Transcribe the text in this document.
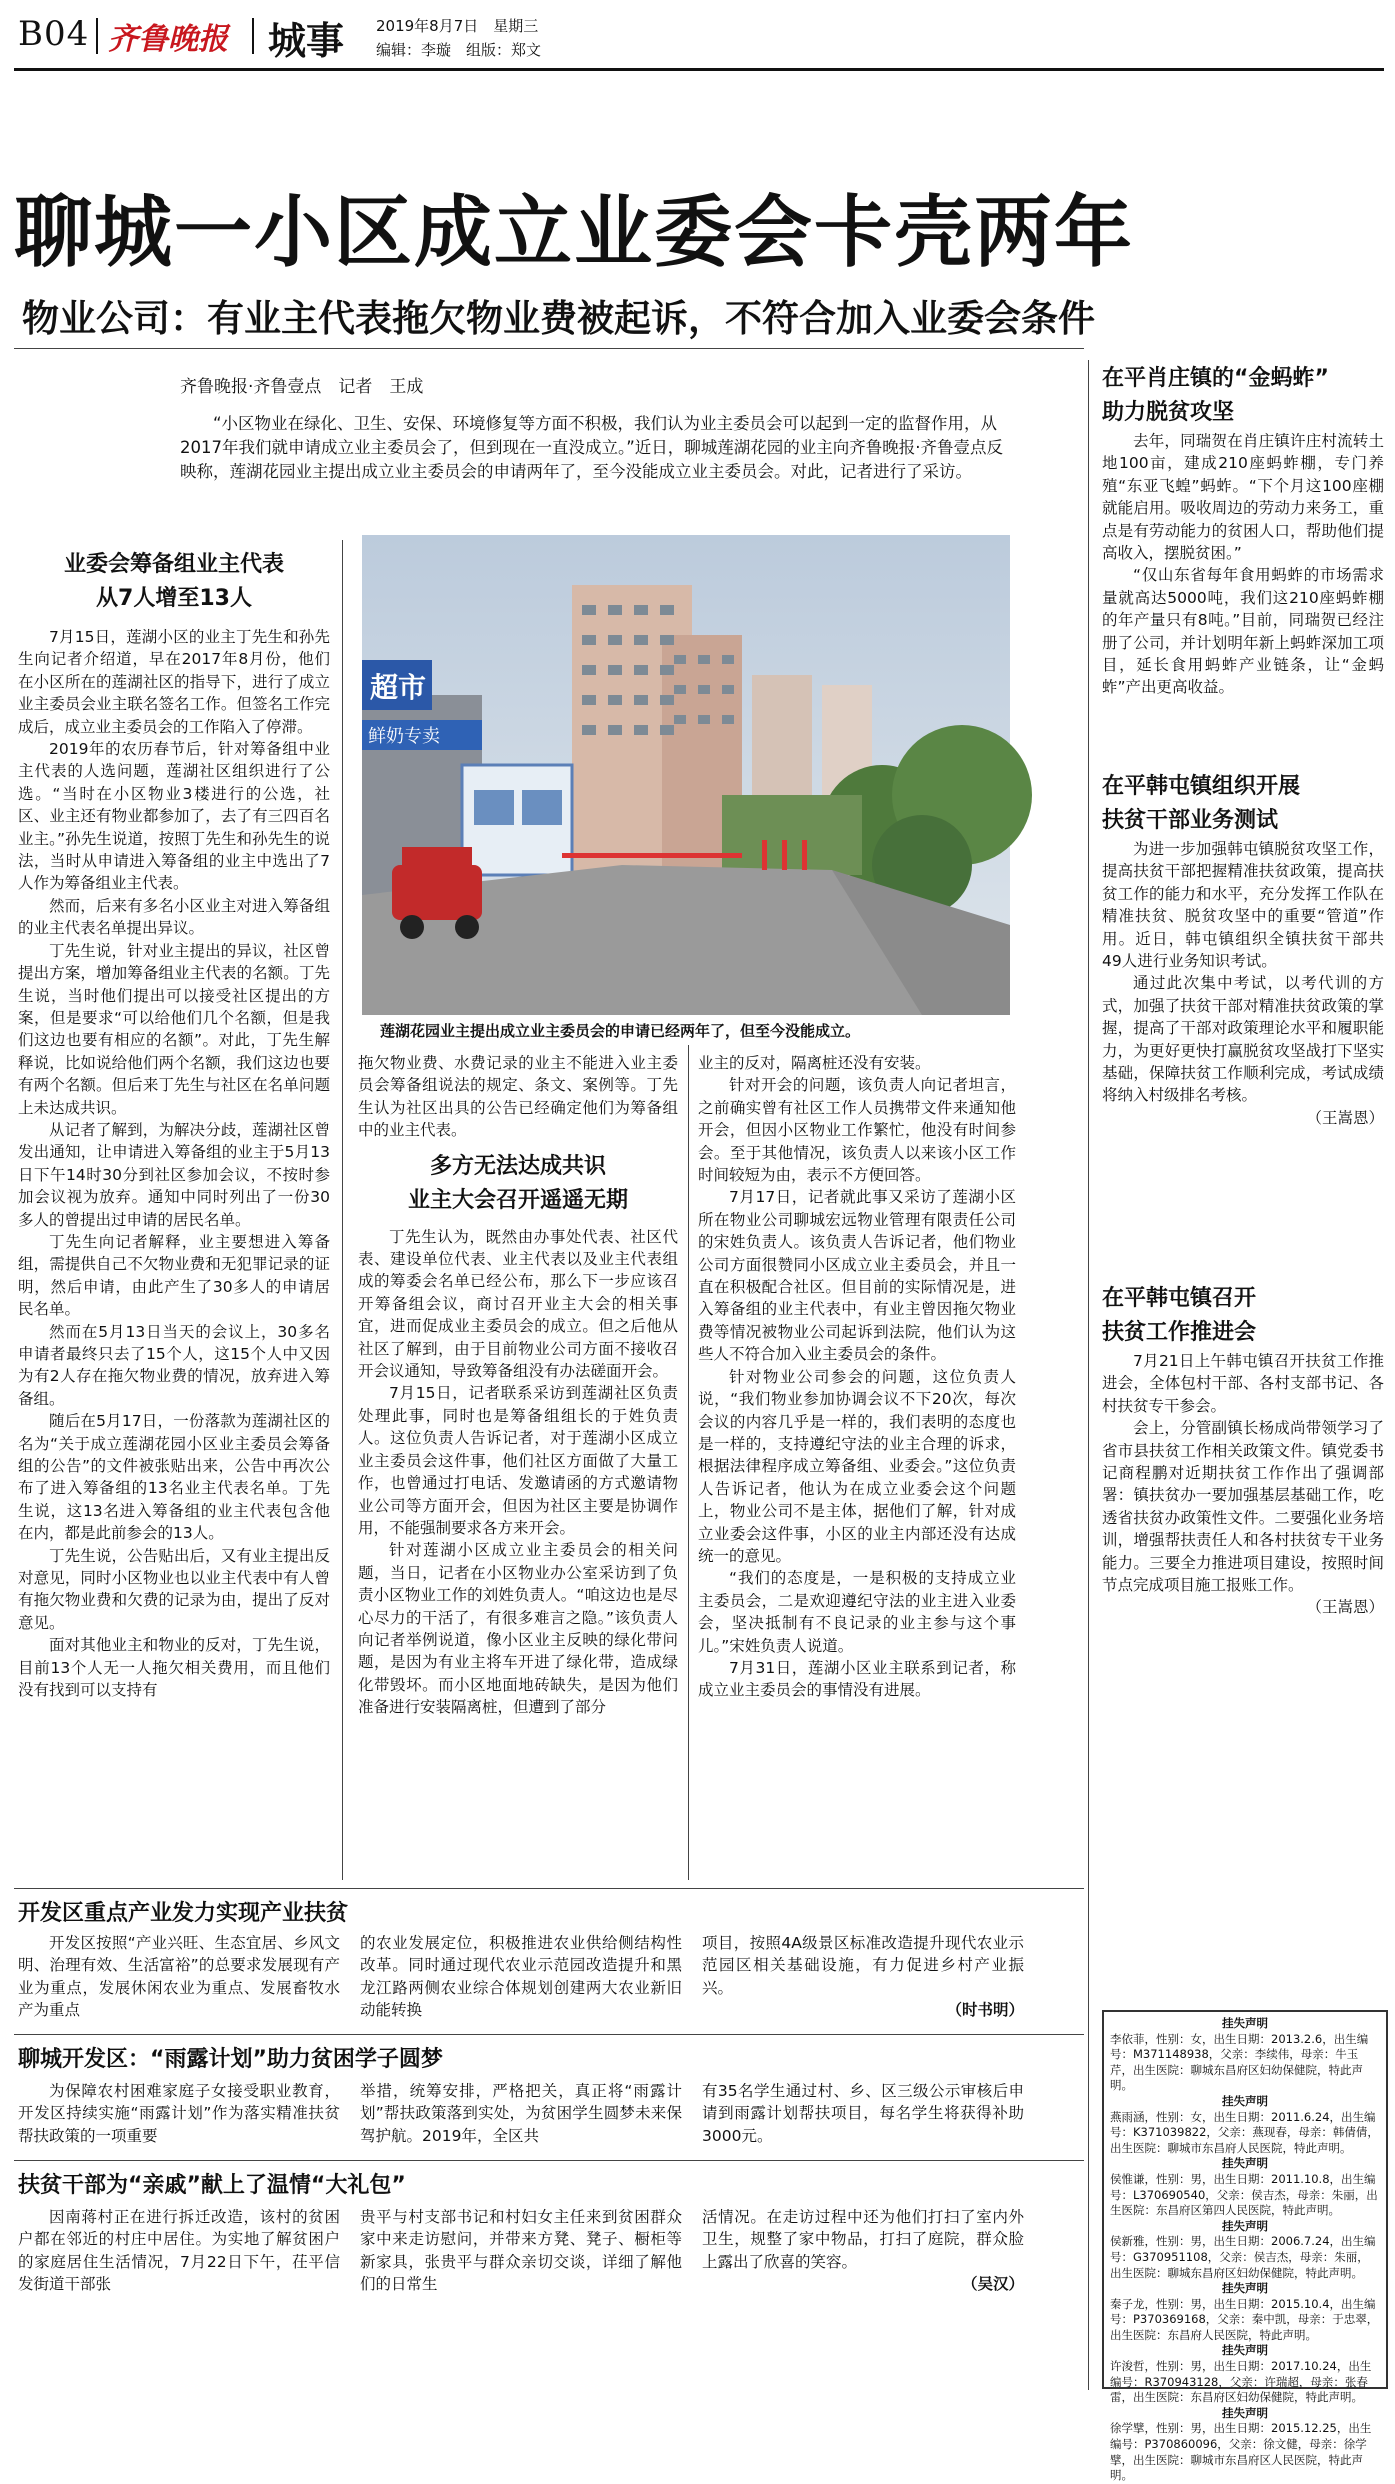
B04 齐鲁晚报 城事 2019年8月7日　星期三
编辑：李璇　组版：郑文
聊城一小区成立业委会卡壳两年
物业公司：有业主代表拖欠物业费被起诉，不符合加入业委会条件
齐鲁晚报·齐鲁壹点　记者　王成
“小区物业在绿化、卫生、安保、环境修复等方面不积极，我们认为业主委员会可以起到一定的监督作用，从2017年我们就申请成立业主委员会了，但到现在一直没成立。”近日，聊城莲湖花园的业主向齐鲁晚报·齐鲁壹点反映称，莲湖花园业主提出成立业主委员会的申请两年了，至今没能成立业主委员会。对此，记者进行了采访。
业委会筹备组业主代表
从7人增至13人

7月15日，莲湖小区的业主丁先生和孙先生向记者介绍道，早在2017年8月份，他们在小区所在的莲湖社区的指导下，进行了成立业主委员会业主联名签名工作。但签名工作完成后，成立业主委员会的工作陷入了停滞。

2019年的农历春节后，针对筹备组中业主代表的人选问题，莲湖社区组织进行了公选。“当时在小区物业3楼进行的公选，社区、业主还有物业都参加了，去了有三四百名业主。”孙先生说道，按照丁先生和孙先生的说法，当时从申请进入筹备组的业主中选出了7人作为筹备组业主代表。

然而，后来有多名小区业主对进入筹备组的业主代表名单提出异议。

丁先生说，针对业主提出的异议，社区曾提出方案，增加筹备组业主代表的名额。丁先生说，当时他们提出可以接受社区提出的方案，但是要求“可以给他们几个名额，但是我们这边也要有相应的名额”。对此，丁先生解释说，比如说给他们两个名额，我们这边也要有两个名额。但后来丁先生与社区在名单问题上未达成共识。

从记者了解到，为解决分歧，莲湖社区曾发出通知，让申请进入筹备组的业主于5月13日下午14时30分到社区参加会议，不按时参加会议视为放弃。通知中同时列出了一份30多人的曾提出过申请的居民名单。

丁先生向记者解释，业主要想进入筹备组，需提供自己不欠物业费和无犯罪记录的证明，然后申请，由此产生了30多人的申请居民名单。

然而在5月13日当天的会议上，30多名申请者最终只去了15个人，这15个人中又因为有2人存在拖欠物业费的情况，放弃进入筹备组。

随后在5月17日，一份落款为莲湖社区的名为“关于成立莲湖花园小区业主委员会筹备组的公告”的文件被张贴出来，公告中再次公布了进入筹备组的13名业主代表名单。丁先生说，这13名进入筹备组的业主代表包含他在内，都是此前参会的13人。

丁先生说，公告贴出后，又有业主提出反对意见，同时小区物业也以业主代表中有人曾有拖欠物业费和欠费的记录为由，提出了反对意见。

面对其他业主和物业的反对，丁先生说，目前13个人无一人拖欠相关费用，而且他们没有找到可以支持有

超市
鲜奶专卖
莲湖花园业主提出成立业主委员会的申请已经两年了，但至今没能成立。
拖欠物业费、水费记录的业主不能进入业主委员会筹备组说法的规定、条文、案例等。丁先生认为社区出具的公告已经确定他们为筹备组中的业主代表。
多方无法达成共识
业主大会召开遥遥无期

丁先生认为，既然由办事处代表、社区代表、建设单位代表、业主代表以及业主代表组成的筹委会名单已经公布，那么下一步应该召开筹备组会议，商讨召开业主大会的相关事宜，进而促成业主委员会的成立。但之后他从社区了解到，由于目前物业公司方面不接收召开会议通知，导致筹备组没有办法磋面开会。

7月15日，记者联系采访到莲湖社区负责处理此事，同时也是筹备组组长的于姓负责人。这位负责人告诉记者，对于莲湖小区成立业主委员会这件事，他们社区方面做了大量工作，也曾通过打电话、发邀请函的方式邀请物业公司等方面开会，但因为社区主要是协调作用，不能强制要求各方来开会。

针对莲湖小区成立业主委员会的相关问题，当日，记者在小区物业办公室采访到了负责小区物业工作的刘姓负责人。“咱这边也是尽心尽力的干活了，有很多难言之隐。”该负责人向记者举例说道，像小区业主反映的绿化带问题，是因为有业主将车开进了绿化带，造成绿化带毁坏。而小区地面地砖缺失，是因为他们准备进行安装隔离桩，但遭到了部分

业主的反对，隔离桩还没有安装。

针对开会的问题，该负责人向记者坦言，之前确实曾有社区工作人员携带文件来通知他开会，但因小区物业工作繁忙，他没有时间参会。至于其他情况，该负责人以来该小区工作时间较短为由，表示不方便回答。

7月17日，记者就此事又采访了莲湖小区所在物业公司聊城宏远物业管理有限责任公司的宋姓负责人。该负责人告诉记者，他们物业公司方面很赞同小区成立业主委员会，并且一直在积极配合社区。但目前的实际情况是，进入筹备组的业主代表中，有业主曾因拖欠物业费等情况被物业公司起诉到法院，他们认为这些人不符合加入业主委员会的条件。

针对物业公司参会的问题，这位负责人说，“我们物业参加协调会议不下20次，每次会议的内容几乎是一样的，我们表明的态度也是一样的，支持遵纪守法的业主合理的诉求，根据法律程序成立筹备组、业委会。”这位负责人告诉记者，他认为在成立业委会这个问题上，物业公司不是主体，据他们了解，针对成立业委会这件事，小区的业主内部还没有达成统一的意见。

“我们的态度是，一是积极的支持成立业主委员会，二是欢迎遵纪守法的业主进入业委会，坚决抵制有不良记录的业主参与这个事儿。”宋姓负责人说道。

7月31日，莲湖小区业主联系到记者，称成立业主委员会的事情没有进展。

在平肖庄镇的“金蚂蚱”
助力脱贫攻坚

去年，同瑞贺在肖庄镇许庄村流转土地100亩，建成210座蚂蚱棚，专门养殖“东亚飞蝗”蚂蚱。“下个月这100座棚就能启用。吸收周边的劳动力来务工，重点是有劳动能力的贫困人口，帮助他们提高收入，摆脱贫困。”

“仅山东省每年食用蚂蚱的市场需求量就高达5000吨，我们这210座蚂蚱棚的年产量只有8吨。”目前，同瑞贺已经注册了公司，并计划明年新上蚂蚱深加工项目，延长食用蚂蚱产业链条，让“金蚂蚱”产出更高收益。

在平韩屯镇组织开展
扶贫干部业务测试

为进一步加强韩屯镇脱贫攻坚工作，提高扶贫干部把握精准扶贫政策，提高扶贫工作的能力和水平，充分发挥工作队在精准扶贫、脱贫攻坚中的重要“管道”作用。近日，韩屯镇组织全镇扶贫干部共49人进行业务知识考试。

通过此次集中考试，以考代训的方式，加强了扶贫干部对精准扶贫政策的掌握，提高了干部对政策理论水平和履职能力，为更好更快打赢脱贫攻坚战打下坚实基础，保障扶贫工作顺利完成，考试成绩将纳入村级排名考核。

（王嵩恩）
在平韩屯镇召开
扶贫工作推进会

7月21日上午韩屯镇召开扶贫工作推进会，全体包村干部、各村支部书记、各村扶贫专干参会。

会上，分管副镇长杨成尚带领学习了省市县扶贫工作相关政策文件。镇党委书记商程鹏对近期扶贫工作作出了强调部署：镇扶贫办一要加强基层基础工作，吃透省扶贫办政策性文件。二要强化业务培训，增强帮扶责任人和各村扶贫专干业务能力。三要全力推进项目建设，按照时间节点完成项目施工报账工作。

（王嵩恩）
挂失声明
李依菲，性别：女，出生日期：2013.2.6，出生编号：M371148938，父亲：李续伟，母亲：牛玉芹，出生医院：聊城东昌府区妇幼保健院，特此声明。
挂失声明
燕雨涵，性别：女，出生日期：2011.6.24，出生编号：K371039822，父亲：燕现春，母亲：韩倩倩，出生医院：聊城市东昌府人民医院，特此声明。
挂失声明
侯惟谦，性别：男，出生日期：2011.10.8，出生编号：L370690540，父亲：侯吉杰，母亲：朱丽，出生医院：东昌府区第四人民医院，特此声明。
挂失声明
侯新雅，性别：男，出生日期：2006.7.24，出生编号：G370951108，父亲：侯吉杰，母亲：朱丽，出生医院：聊城东昌府区妇幼保健院，特此声明。
挂失声明
秦子龙，性别：男，出生日期：2015.10.4，出生编号：P370369168，父亲：秦中凯，母亲：于忠翠，出生医院：东昌府人民医院，特此声明。
挂失声明
许浚哲，性别：男，出生日期：2017.10.24，出生编号：R370943128，父亲：许瑞超，母亲：张春雷，出生医院：东昌府区妇幼保健院，特此声明。
挂失声明
徐学擘，性别：男，出生日期：2015.12.25，出生编号：P370860096，父亲：徐文健，母亲：徐学擘，出生医院：聊城市东昌府区人民医院，特此声明。
开发区重点产业发力实现产业扶贫

开发区按照“产业兴旺、生态宜居、乡风文明、治理有效、生活富裕”的总要求发展现有产业为重点，发展休闲农业为重点、发展畜牧水产为重点

的农业发展定位，积极推进农业供给侧结构性改革。同时通过现代农业示范园改造提升和黑龙江路两侧农业综合体规划创建两大农业新旧动能转换
项目，按照4A级景区标准改造提升现代农业示范园区相关基础设施，有力促进乡村产业振兴。
（时书明）
聊城开发区：“雨露计划”助力贫困学子圆梦

为保障农村困难家庭子女接受职业教育，开发区持续实施“雨露计划”作为落实精准扶贫帮扶政策的一项重要

举措，统筹安排，严格把关，真正将“雨露计划”帮扶政策落到实处，为贫困学生圆梦未来保驾护航。2019年，全区共
有35名学生通过村、乡、区三级公示审核后申请到雨露计划帮扶项目，每名学生将获得补助3000元。
扶贫干部为“亲戚”献上了温情“大礼包”

因南蒋村正在进行拆迁改造，该村的贫困户都在邻近的村庄中居住。为实地了解贫困户的家庭居住生活情况，7月22日下午，茌平信发街道干部张

贵平与村支部书记和村妇女主任来到贫困群众家中来走访慰问，并带来方凳、凳子、橱柜等新家具，张贵平与群众亲切交谈，详细了解他们的日常生
活情况。在走访过程中还为他们打扫了室内外卫生，规整了家中物品，打扫了庭院，群众脸上露出了欣喜的笑容。
（吴汉）
